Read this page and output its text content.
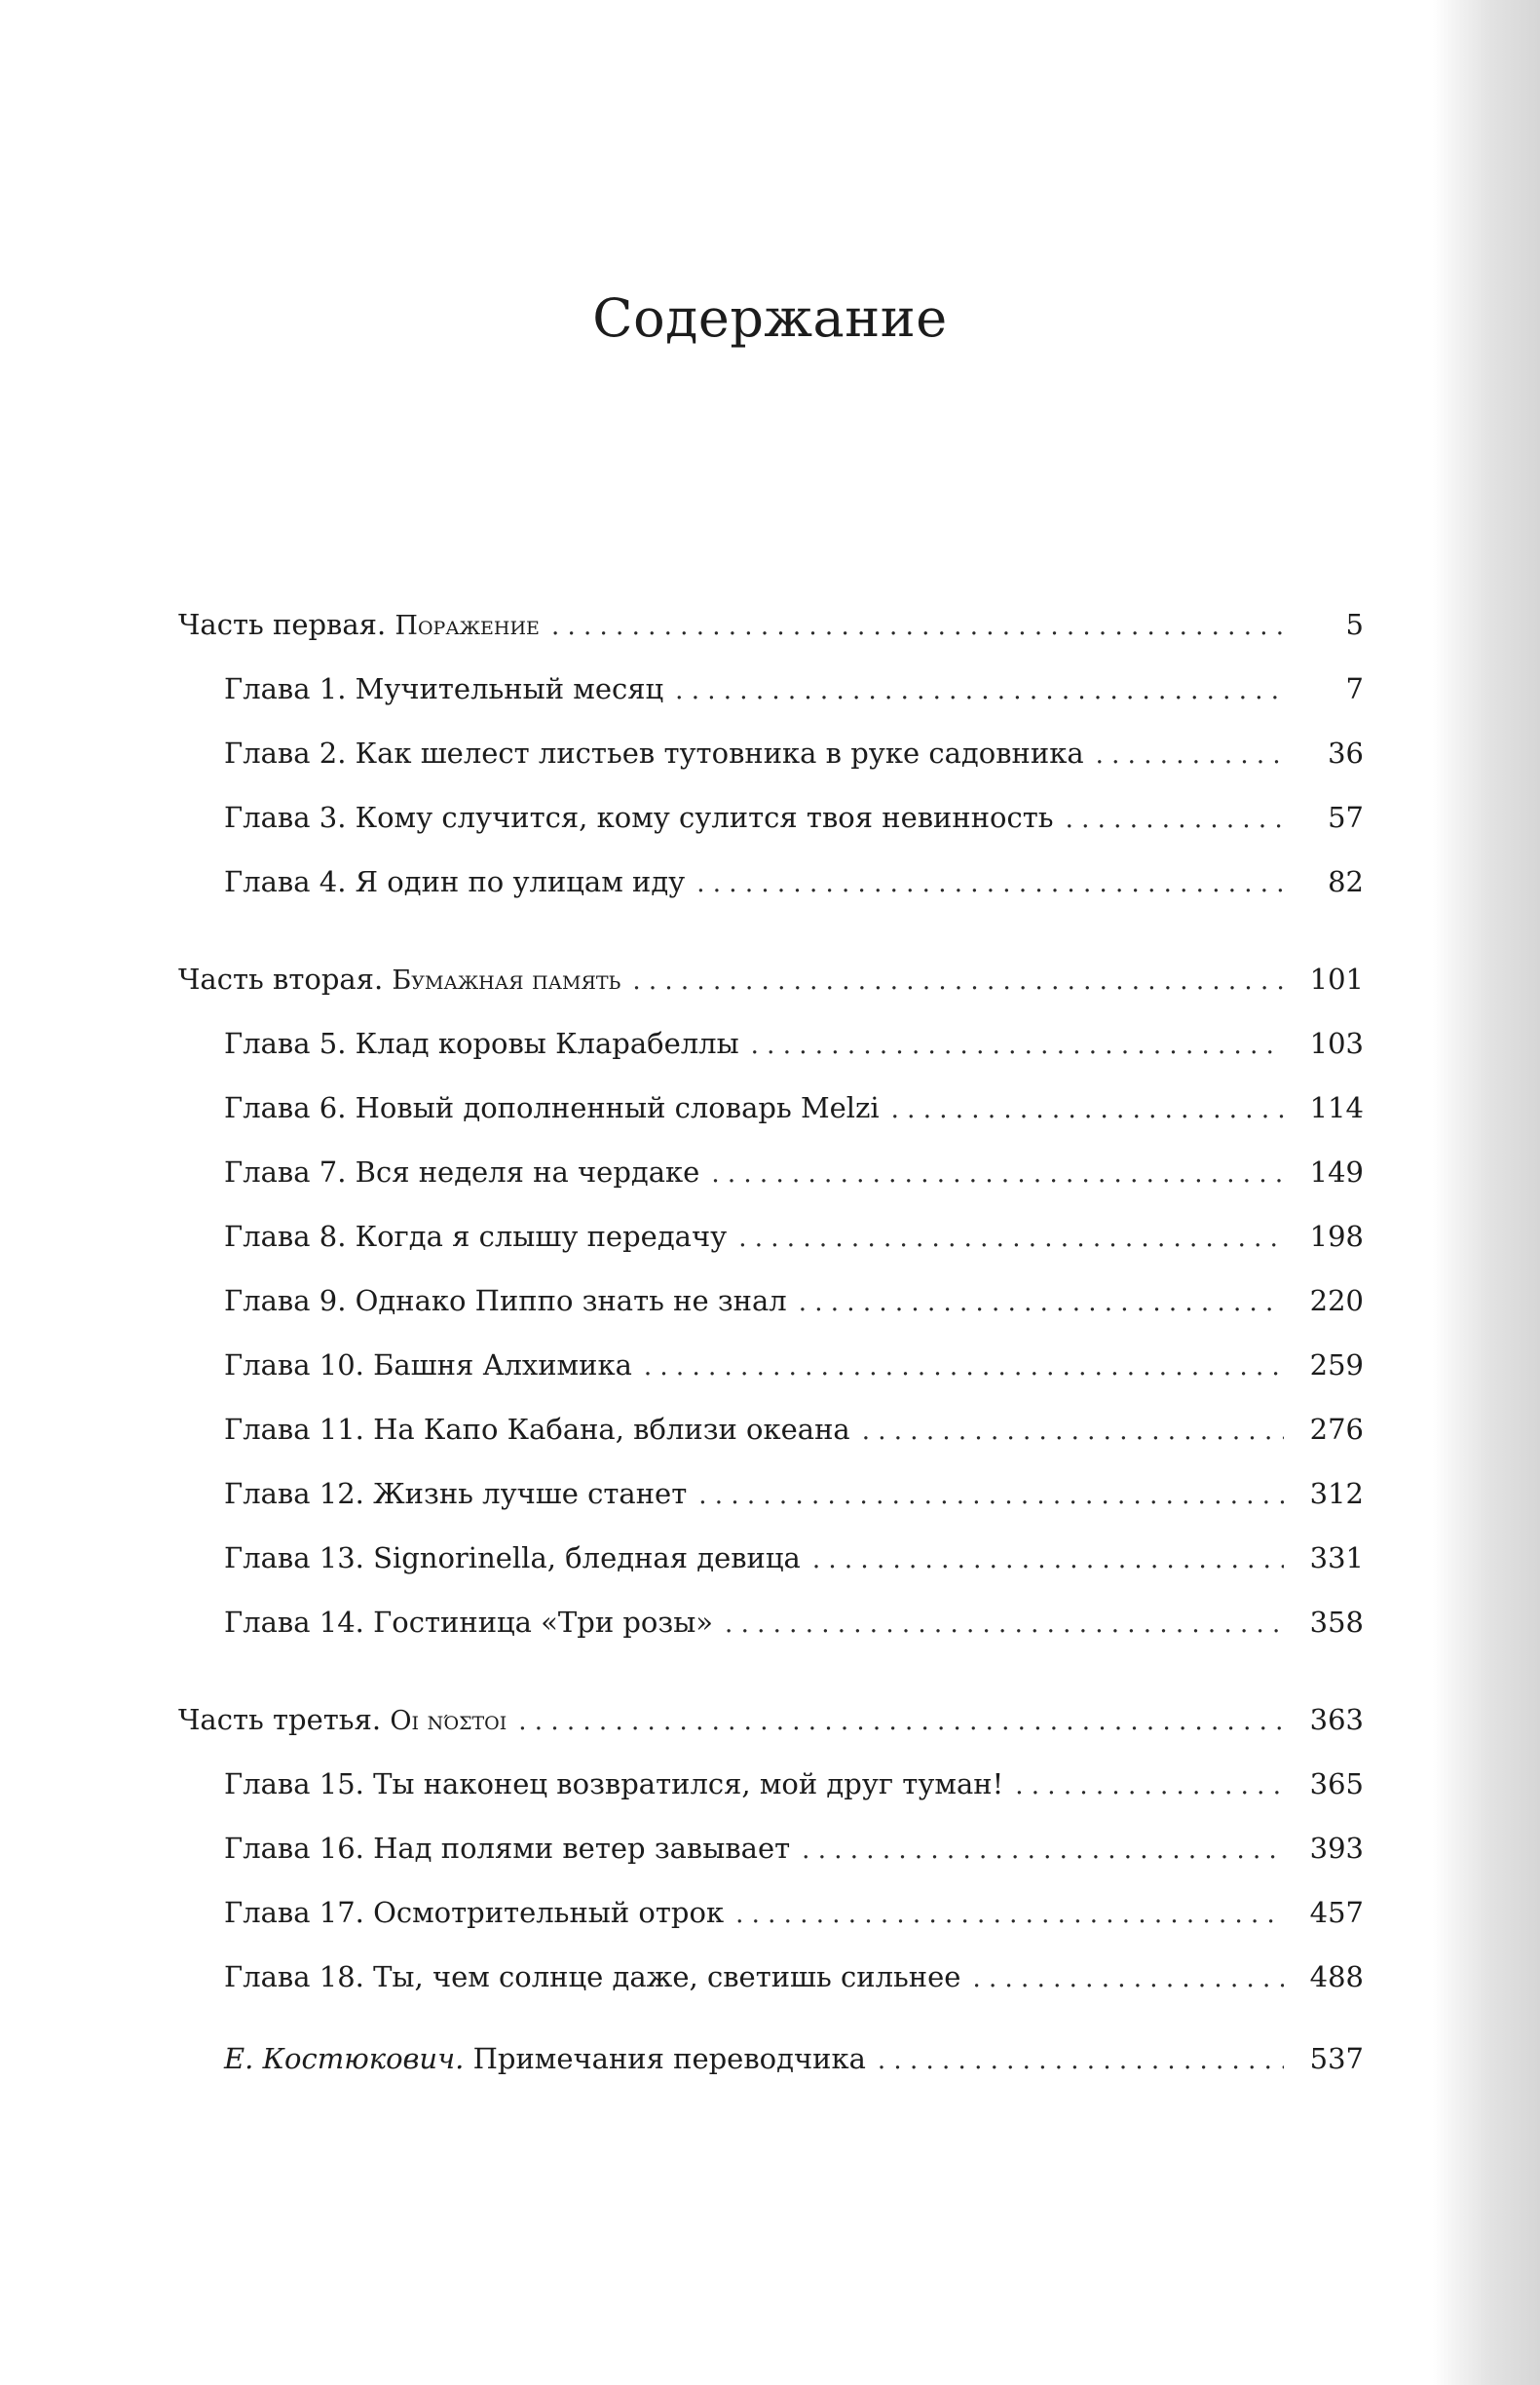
Содержание
Часть первая. Поражение . . .	5
Глава 1. Мучительный месяц . . .	7
Глава 2. Как шелест листьев тутовника в руке садовника . . .	36
Глава 3. Кому случится, кому сулится твоя невинность . . .	57
Глава 4. Я один по улицам иду . . .	82
Часть вторая. Бумажная память . . .	101
Глава 5. Клад коровы Кларабеллы . . .	103
Глава 6. Новый дополненный словарь Melzi . . .	114
Глава 7. Вся неделя на чердаке . . .	149
Глава 8. Когда я слышу передачу . . .	198
Глава 9. Однако Пиппо знать не знал . . .	220
Глава 10. Башня Алхимика . . .	259
Глава 11. На Капо Кабана, вблизи океана . . .	276
Глава 12. Жизнь лучше станет . . .	312
Глава 13. Signorinella, бледная девица . . .	331
Глава 14. Гостиница «Три розы» . . .	358
Часть третья. Οι νόστοι . . .	363
Глава 15. Ты наконец возвратился, мой друг туман! . . .	365
Глава 16. Над полями ветер завывает . . .	393
Глава 17. Осмотрительный отрок . . .	457
Глава 18. Ты, чем солнце даже, светишь сильнее . . .	488
Е. Костюкович. Примечания переводчика . . .	537
